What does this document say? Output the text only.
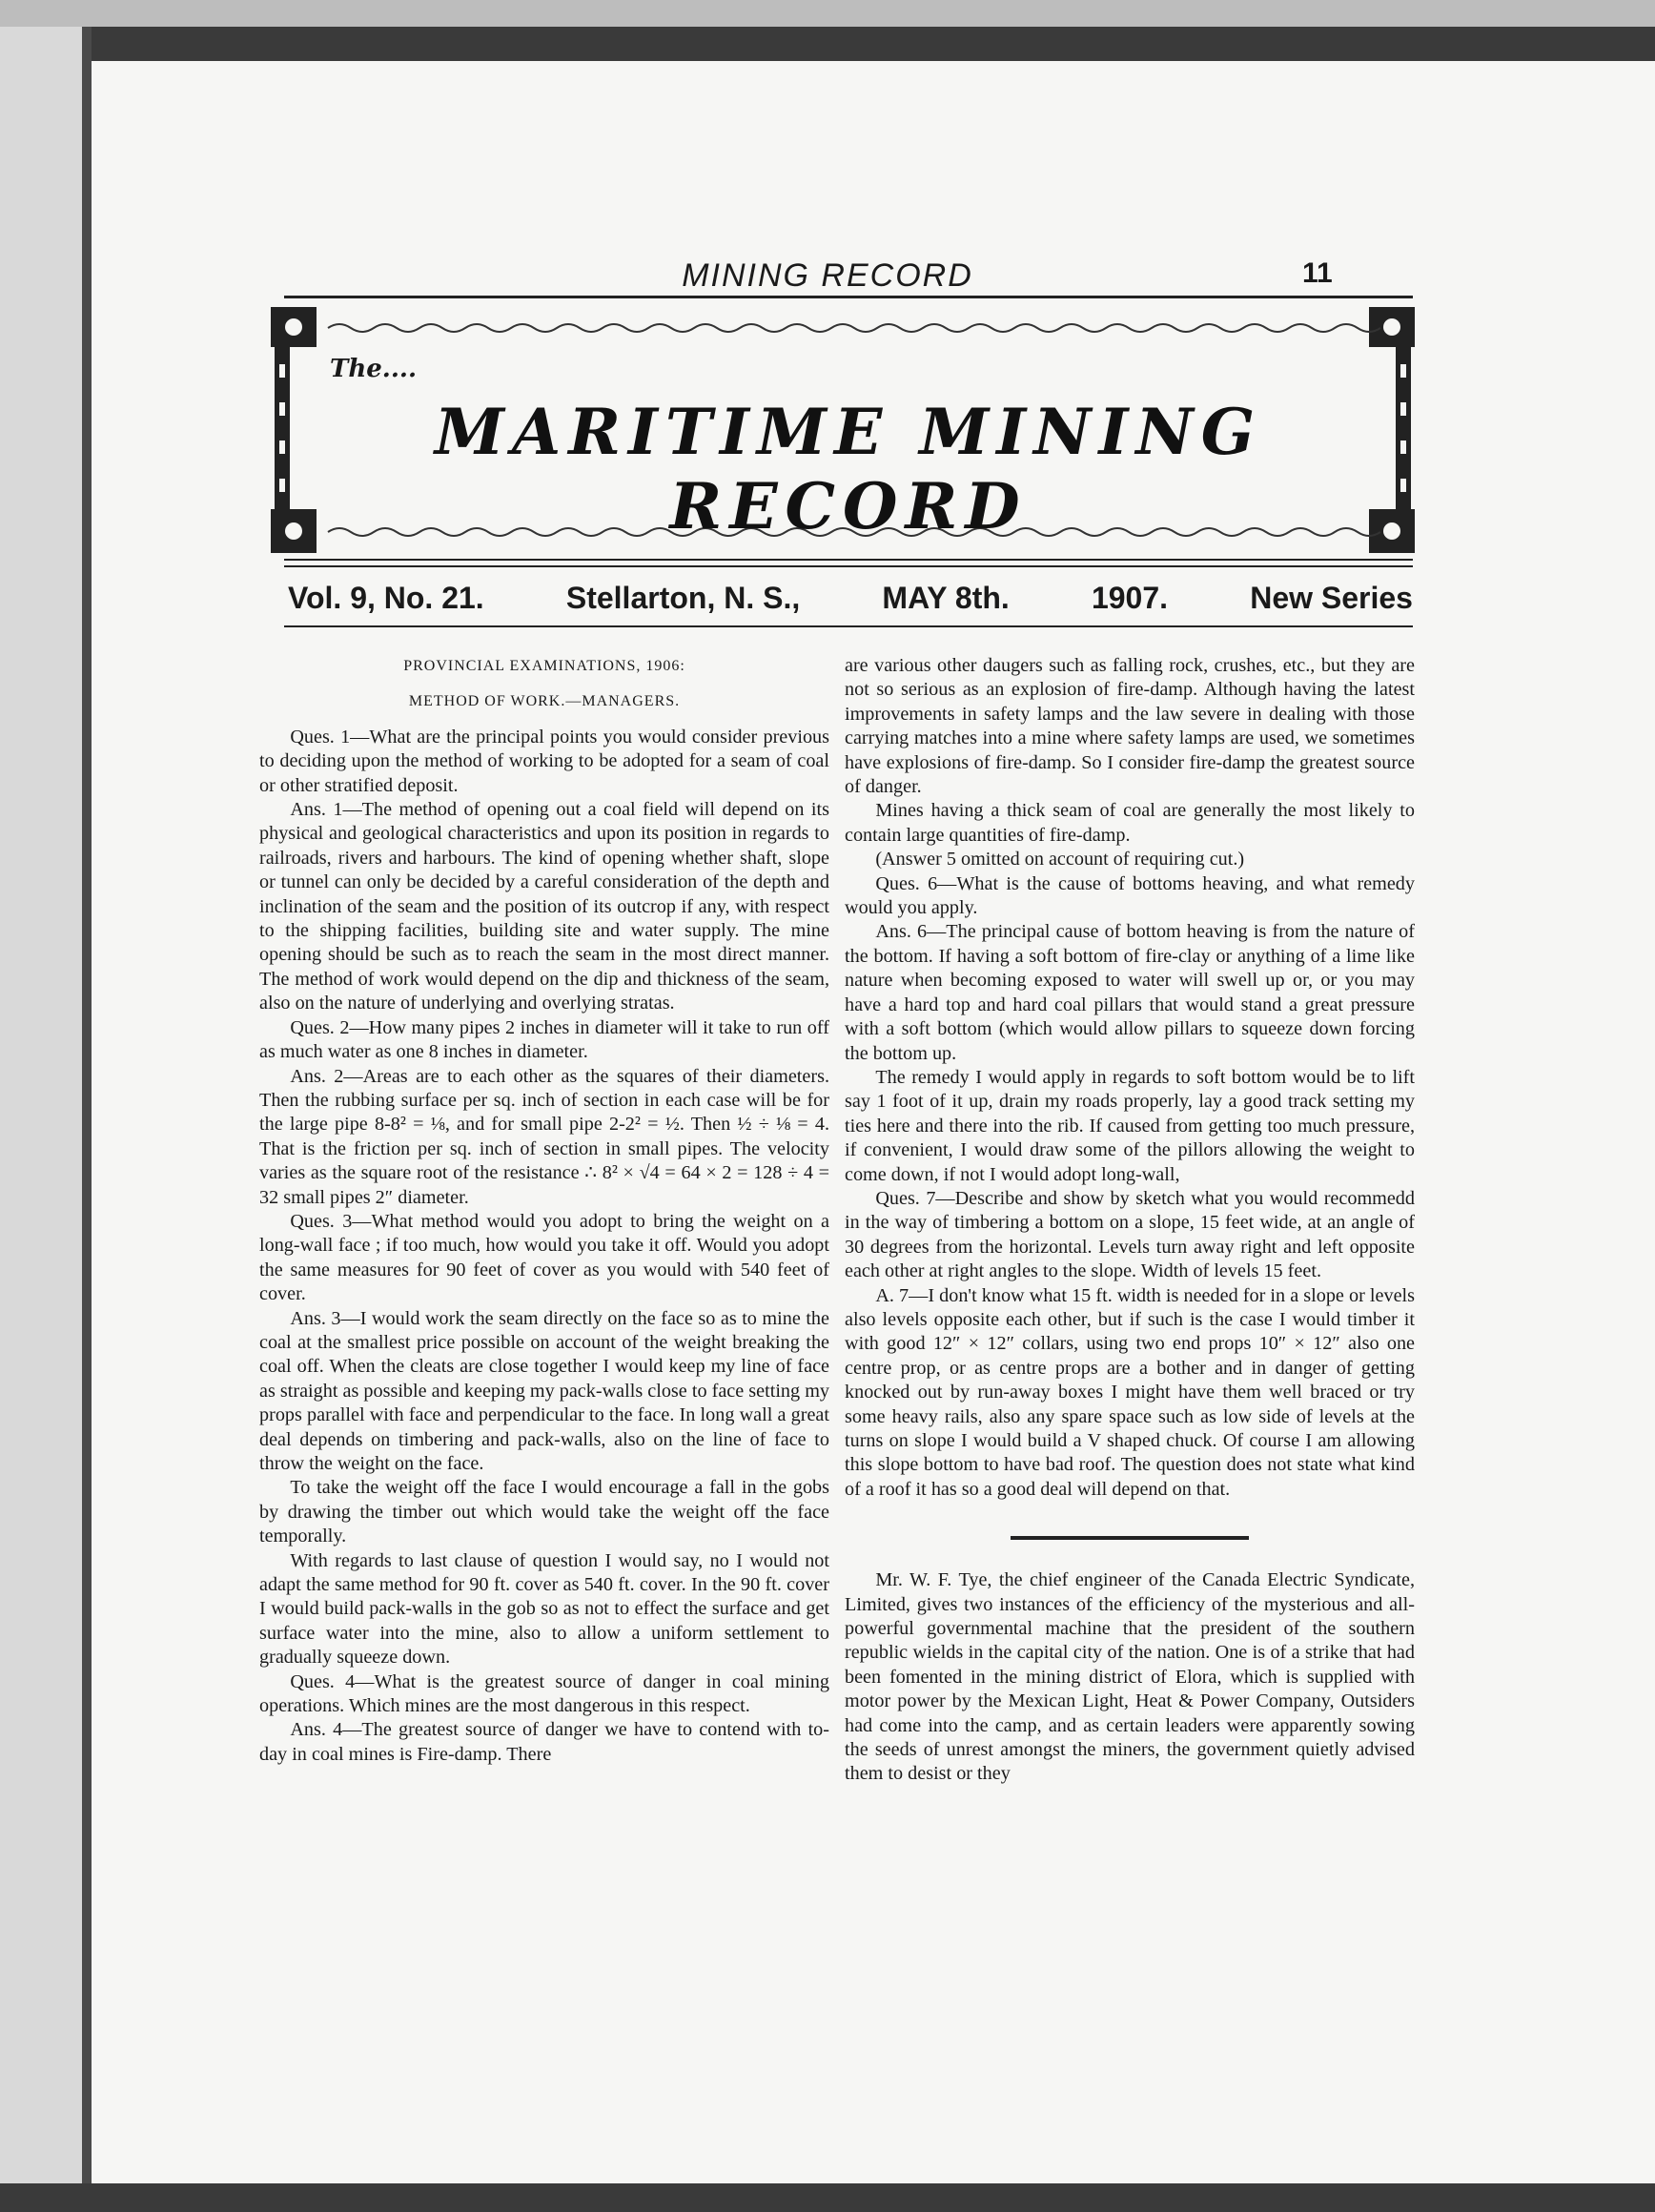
MINING RECORD	11
The....
MARITIME MINING RECORD
Vol. 9, No. 21.	Stellarton, N. S.,	MAY 8th.	1907.	New Series

PROVINCIAL EXAMINATIONS, 1906:

METHOD OF WORK.—MANAGERS.

Ques. 1—What are the principal points you would consider previous to deciding upon the method of working to be adopted for a seam of coal or other stratified deposit.

Ans. 1—The method of opening out a coal field will depend on its physical and geological characteristics and upon its position in regards to railroads, rivers and harbours. The kind of opening whether shaft, slope or tunnel can only be decided by a careful consideration of the depth and inclination of the seam and the position of its outcrop if any, with respect to the shipping facilities, building site and water supply. The mine opening should be such as to reach the seam in the most direct manner. The method of work would depend on the dip and thickness of the seam, also on the nature of underlying and overlying stratas.

Ques. 2—How many pipes 2 inches in diameter will it take to run off as much water as one 8 inches in diameter.

Ans. 2—Areas are to each other as the squares of their diameters. Then the rubbing surface per sq. inch of section in each case will be for the large pipe 8-8² = ⅛, and for small pipe 2-2² = ½. Then ½ ÷ ⅛ = 4. That is the friction per sq. inch of section in small pipes. The velocity varies as the square root of the resistance ∴ 8² × √4 = 64 × 2 = 128 ÷ 4 = 32 small pipes 2″ diameter.

Ques. 3—What method would you adopt to bring the weight on a long-wall face ; if too much, how would you take it off. Would you adopt the same measures for 90 feet of cover as you would with 540 feet of cover.

Ans. 3—I would work the seam directly on the face so as to mine the coal at the smallest price possible on account of the weight breaking the coal off. When the cleats are close together I would keep my line of face as straight as possible and keeping my pack-walls close to face setting my props parallel with face and perpendicular to the face. In long wall a great deal depends on timbering and pack-walls, also on the line of face to throw the weight on the face.

To take the weight off the face I would encourage a fall in the gobs by drawing the timber out which would take the weight off the face temporally.

With regards to last clause of question I would say, no I would not adapt the same method for 90 ft. cover as 540 ft. cover. In the 90 ft. cover I would build pack-walls in the gob so as not to effect the surface and get surface water into the mine, also to allow a uniform settlement to gradually squeeze down.

Ques. 4—What is the greatest source of danger in coal mining operations. Which mines are the most dangerous in this respect.

Ans. 4—The greatest source of danger we have to contend with to-day in coal mines is Fire-damp. There

are various other daugers such as falling rock, crushes, etc., but they are not so serious as an explosion of fire-damp. Although having the latest improvements in safety lamps and the law severe in dealing with those carrying matches into a mine where safety lamps are used, we sometimes have explosions of fire-damp. So I consider fire-damp the greatest source of danger.

Mines having a thick seam of coal are generally the most likely to contain large quantities of fire-damp.

(Answer 5 omitted on account of requiring cut.)

Ques. 6—What is the cause of bottoms heaving, and what remedy would you apply.

Ans. 6—The principal cause of bottom heaving is from the nature of the bottom. If having a soft bottom of fire-clay or anything of a lime like nature when becoming exposed to water will swell up or, or you may have a hard top and hard coal pillars that would stand a great pressure with a soft bottom (which would allow pillars to squeeze down forcing the bottom up.

The remedy I would apply in regards to soft bottom would be to lift say 1 foot of it up, drain my roads properly, lay a good track setting my ties here and there into the rib. If caused from getting too much pressure, if convenient, I would draw some of the pillors allowing the weight to come down, if not I would adopt long-wall,

Ques. 7—Describe and show by sketch what you would recommedd in the way of timbering a bottom on a slope, 15 feet wide, at an angle of 30 degrees from the horizontal. Levels turn away right and left opposite each other at right angles to the slope. Width of levels 15 feet.

A. 7—I don't know what 15 ft. width is needed for in a slope or levels also levels opposite each other, but if such is the case I would timber it with good 12″ × 12″ collars, using two end props 10″ × 12″ also one centre prop, or as centre props are a bother and in danger of getting knocked out by run-away boxes I might have them well braced or try some heavy rails, also any spare space such as low side of levels at the turns on slope I would build a V shaped chuck. Of course I am allowing this slope bottom to have bad roof. The question does not state what kind of a roof it has so a good deal will depend on that.

Mr. W. F. Tye, the chief engineer of the Canada Electric Syndicate, Limited, gives two instances of the efficiency of the mysterious and all-powerful governmental machine that the president of the southern republic wields in the capital city of the nation. One is of a strike that had been fomented in the mining district of Elora, which is supplied with motor power by the Mexican Light, Heat & Power Company, Outsiders had come into the camp, and as certain leaders were apparently sowing the seeds of unrest amongst the miners, the government quietly advised them to desist or they
